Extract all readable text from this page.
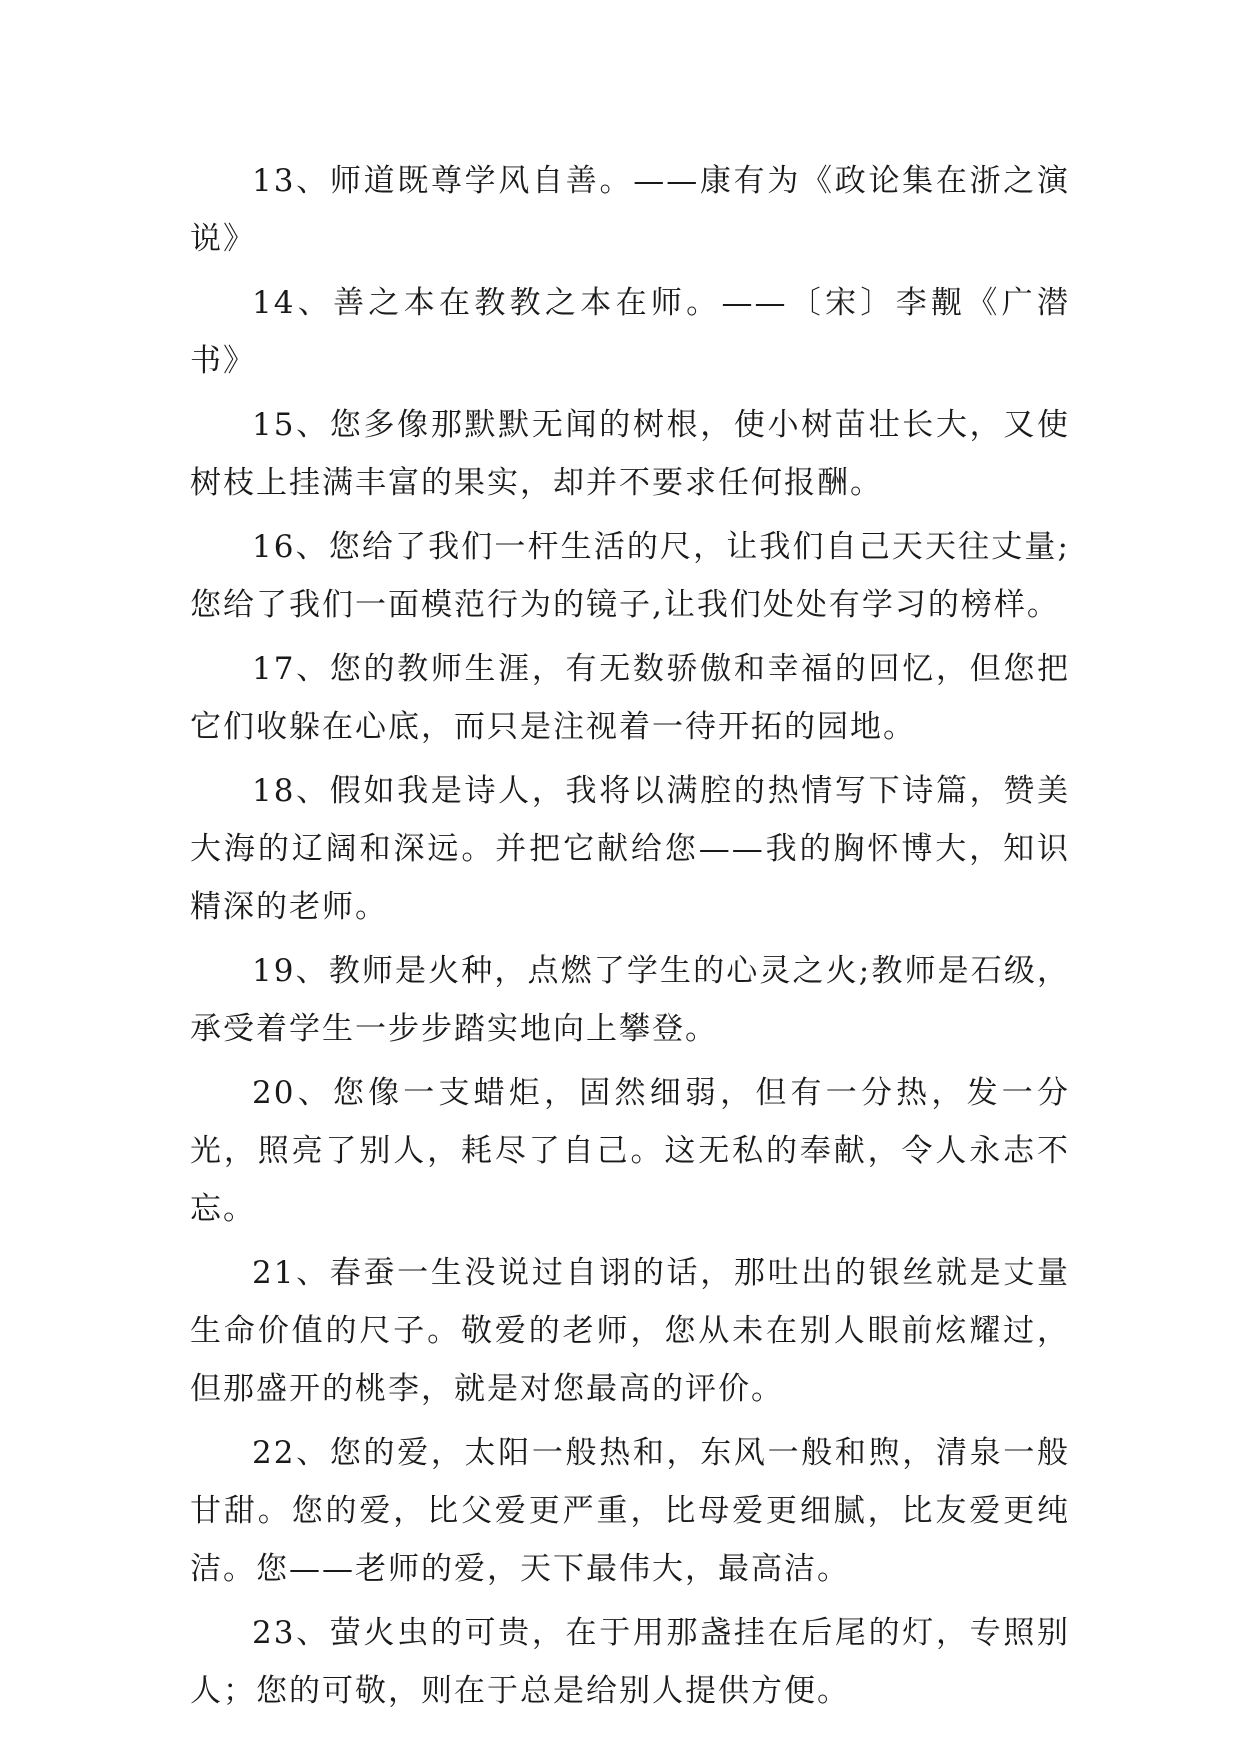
13、师道既尊学风自善。——康有为《政论集在浙之演说》

14、善之本在教教之本在师。——〔宋〕李觏《广潜书》

15、您多像那默默无闻的树根，使小树苗壮长大，又使树枝上挂满丰富的果实，却并不要求任何报酬。

16、您给了我们一杆生活的尺，让我们自己天天往丈量;您给了我们一面模范行为的镜子,让我们处处有学习的榜样。

17、您的教师生涯，有无数骄傲和幸福的回忆，但您把它们收躲在心底，而只是注视着一待开拓的园地。

18、假如我是诗人，我将以满腔的热情写下诗篇，赞美大海的辽阔和深远。并把它献给您——我的胸怀博大，知识精深的老师。

19、教师是火种，点燃了学生的心灵之火;教师是石级，承受着学生一步步踏实地向上攀登。

20、您像一支蜡炬，固然细弱，但有一分热，发一分光，照亮了别人，耗尽了自己。这无私的奉献，令人永志不忘。

21、春蚕一生没说过自诩的话，那吐出的银丝就是丈量生命价值的尺子。敬爱的老师，您从未在别人眼前炫耀过，但那盛开的桃李，就是对您最高的评价。

22、您的爱，太阳一般热和，东风一般和煦，清泉一般甘甜。您的爱，比父爱更严重，比母爱更细腻，比友爱更纯洁。您——老师的爱，天下最伟大，最高洁。

23、萤火虫的可贵，在于用那盏挂在后尾的灯，专照别人；您的可敬，则在于总是给别人提供方便。
